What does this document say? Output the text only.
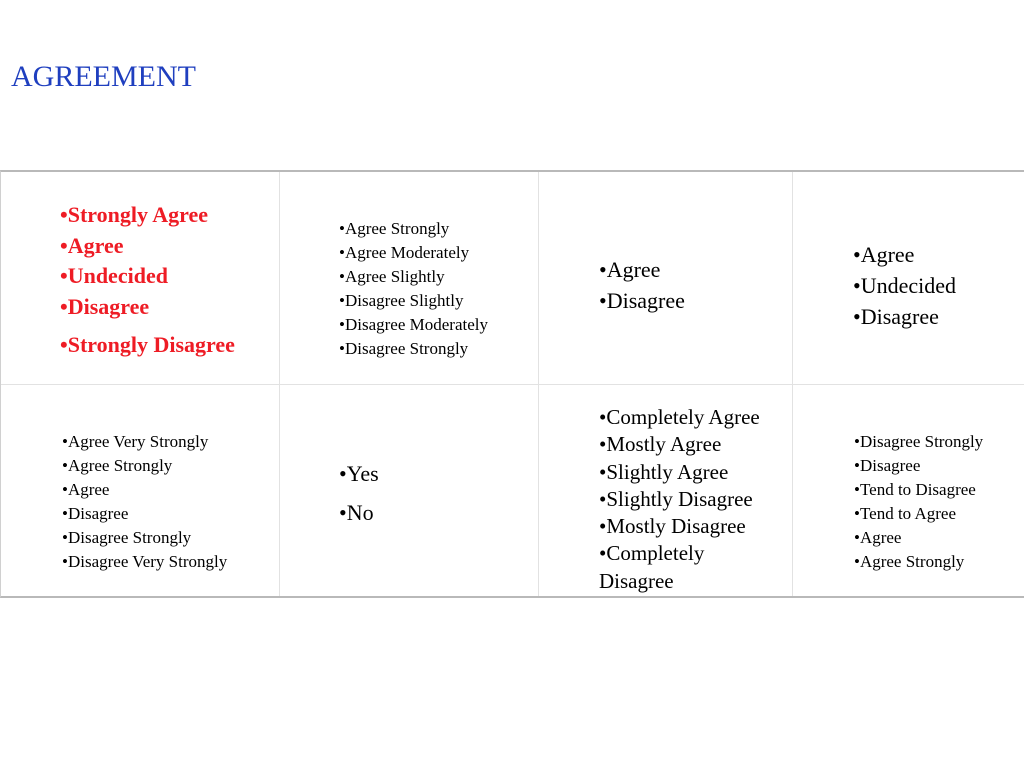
AGREEMENT
• Strongly Agree
• Agree
• Undecided
• Disagree
• Strongly Disagree
• Agree Strongly
• Agree Moderately
• Agree Slightly
• Disagree Slightly
• Disagree Moderately
• Disagree Strongly
• Agree
• Disagree
• Agree
• Undecided
• Disagree
• Agree Very Strongly
• Agree Strongly
• Agree
• Disagree
• Disagree Strongly
• Disagree Very Strongly
• Yes
• No
• Completely Agree
• Mostly Agree
• Slightly Agree
• Slightly Disagree
• Mostly Disagree
• Completely Disagree
• Disagree Strongly
• Disagree
• Tend to Disagree
• Tend to Agree
• Agree
• Agree Strongly
